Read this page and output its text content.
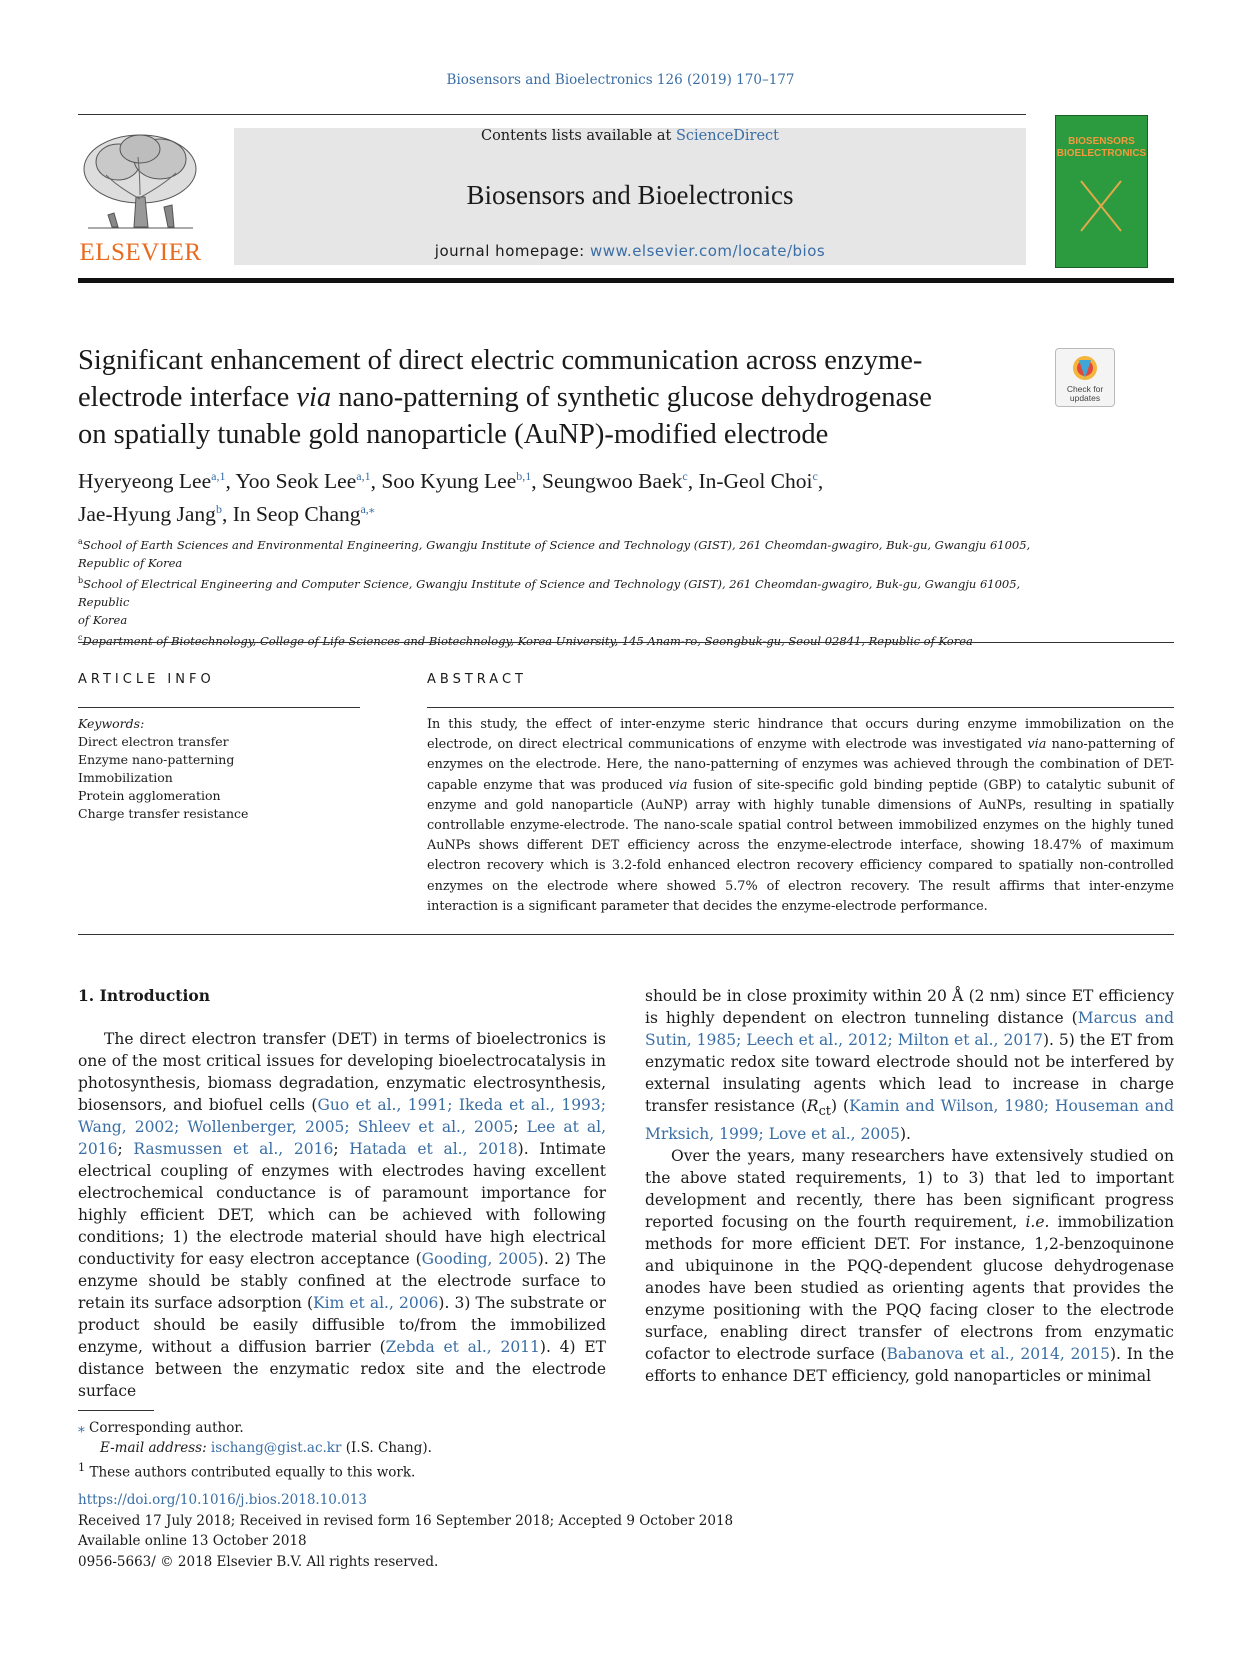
Biosensors and Bioelectronics 126 (2019) 170–177
ELSEVIER
Contents lists available at ScienceDirect
Biosensors and Bioelectronics
journal homepage: www.elsevier.com/locate/bios
BIOSENSORS
BIOELECTRONICS
Significant enhancement of direct electric communication across enzyme-
electrode interface via nano-patterning of synthetic glucose dehydrogenase
on spatially tunable gold nanoparticle (AuNP)-modified electrode
Check for updates
Hyeryeong Lee$^{a,1}$, Yoo Seok Lee$^{a,1}$, Soo Kyung Lee$^{b,1}$, Seungwoo Baek$^c$, In-Geol Choi$^c$,
Jae-Hyung Jang$^b$, In Seop Chang$^{a,⁎}$
$^a$School of Earth Sciences and Environmental Engineering, Gwangju Institute of Science and Technology (GIST), 261 Cheomdan-gwagiro, Buk-gu, Gwangju 61005,
Republic of Korea
$^b$School of Electrical Engineering and Computer Science, Gwangju Institute of Science and Technology (GIST), 261 Cheomdan-gwagiro, Buk-gu, Gwangju 61005, Republic
of Korea
$^c$Department of Biotechnology, College of Life Sciences and Biotechnology, Korea University, 145 Anam-ro, Seongbuk-gu, Seoul 02841, Republic of Korea
ARTICLE INFO	ABSTRACT
Keywords:
Direct electron transfer
Enzyme nano-patterning
Immobilization
Protein agglomeration
Charge transfer resistance
In this study, the effect of inter-enzyme steric hindrance that occurs during enzyme immobilization on the electrode, on direct electrical communications of enzyme with electrode was investigated via nano-patterning of enzymes on the electrode. Here, the nano-patterning of enzymes was achieved through the combination of DET-capable enzyme that was produced via fusion of site-specific gold binding peptide (GBP) to catalytic subunit of enzyme and gold nanoparticle (AuNP) array with highly tunable dimensions of AuNPs, resulting in spatially controllable enzyme-electrode. The nano-scale spatial control between immobilized enzymes on the highly tuned AuNPs shows different DET efficiency across the enzyme-electrode interface, showing 18.47% of maximum electron recovery which is 3.2-fold enhanced electron recovery efficiency compared to spatially non-controlled enzymes on the electrode where showed 5.7% of electron recovery. The result affirms that inter-enzyme interaction is a significant parameter that decides the enzyme-electrode performance.
1. Introduction

The direct electron transfer (DET) in terms of bioelectronics is one of the most critical issues for developing bioelectrocatalysis in photosynthesis, biomass degradation, enzymatic electrosynthesis, biosensors, and biofuel cells (Guo et al., 1991; Ikeda et al., 1993; Wang, 2002; Wollenberger, 2005; Shleev et al., 2005; Lee at al, 2016; Rasmussen et al., 2016; Hatada et al., 2018). Intimate electrical coupling of enzymes with electrodes having excellent electrochemical conductance is of paramount importance for highly efficient DET, which can be achieved with following conditions; 1) the electrode material should have high electrical conductivity for easy electron acceptance (Gooding, 2005). 2) The enzyme should be stably confined at the electrode surface to retain its surface adsorption (Kim et al., 2006). 3) The substrate or product should be easily diffusible to/from the immobilized enzyme, without a diffusion barrier (Zebda et al., 2011). 4) ET distance between the enzymatic redox site and the electrode surface

should be in close proximity within 20 Å (2 nm) since ET efficiency is highly dependent on electron tunneling distance (Marcus and Sutin, 1985; Leech et al., 2012; Milton et al., 2017). 5) the ET from enzymatic redox site toward electrode should not be interfered by external insulating agents which lead to increase in charge transfer resistance $(R_{ct})$ (Kamin and Wilson, 1980; Houseman and Mrksich, 1999; Love et al., 2005).

Over the years, many researchers have extensively studied on the above stated requirements, 1) to 3) that led to important development and recently, there has been significant progress reported focusing on the fourth requirement, i.e. immobilization methods for more efficient DET. For instance, 1,2-benzoquinone and ubiquinone in the PQQ-dependent glucose dehydrogenase anodes have been studied as orienting agents that provides the enzyme positioning with the PQQ facing closer to the electrode surface, enabling direct transfer of electrons from enzymatic cofactor to electrode surface (Babanova et al., 2014, 2015). In the efforts to enhance DET efficiency, gold nanoparticles or minimal

⁎ Corresponding author.
E-mail address: ischang@gist.ac.kr (I.S. Chang).
$^1$ These authors contributed equally to this work.
https://doi.org/10.1016/j.bios.2018.10.013
Received 17 July 2018; Received in revised form 16 September 2018; Accepted 9 October 2018
Available online 13 October 2018
0956-5663/ © 2018 Elsevier B.V. All rights reserved.
